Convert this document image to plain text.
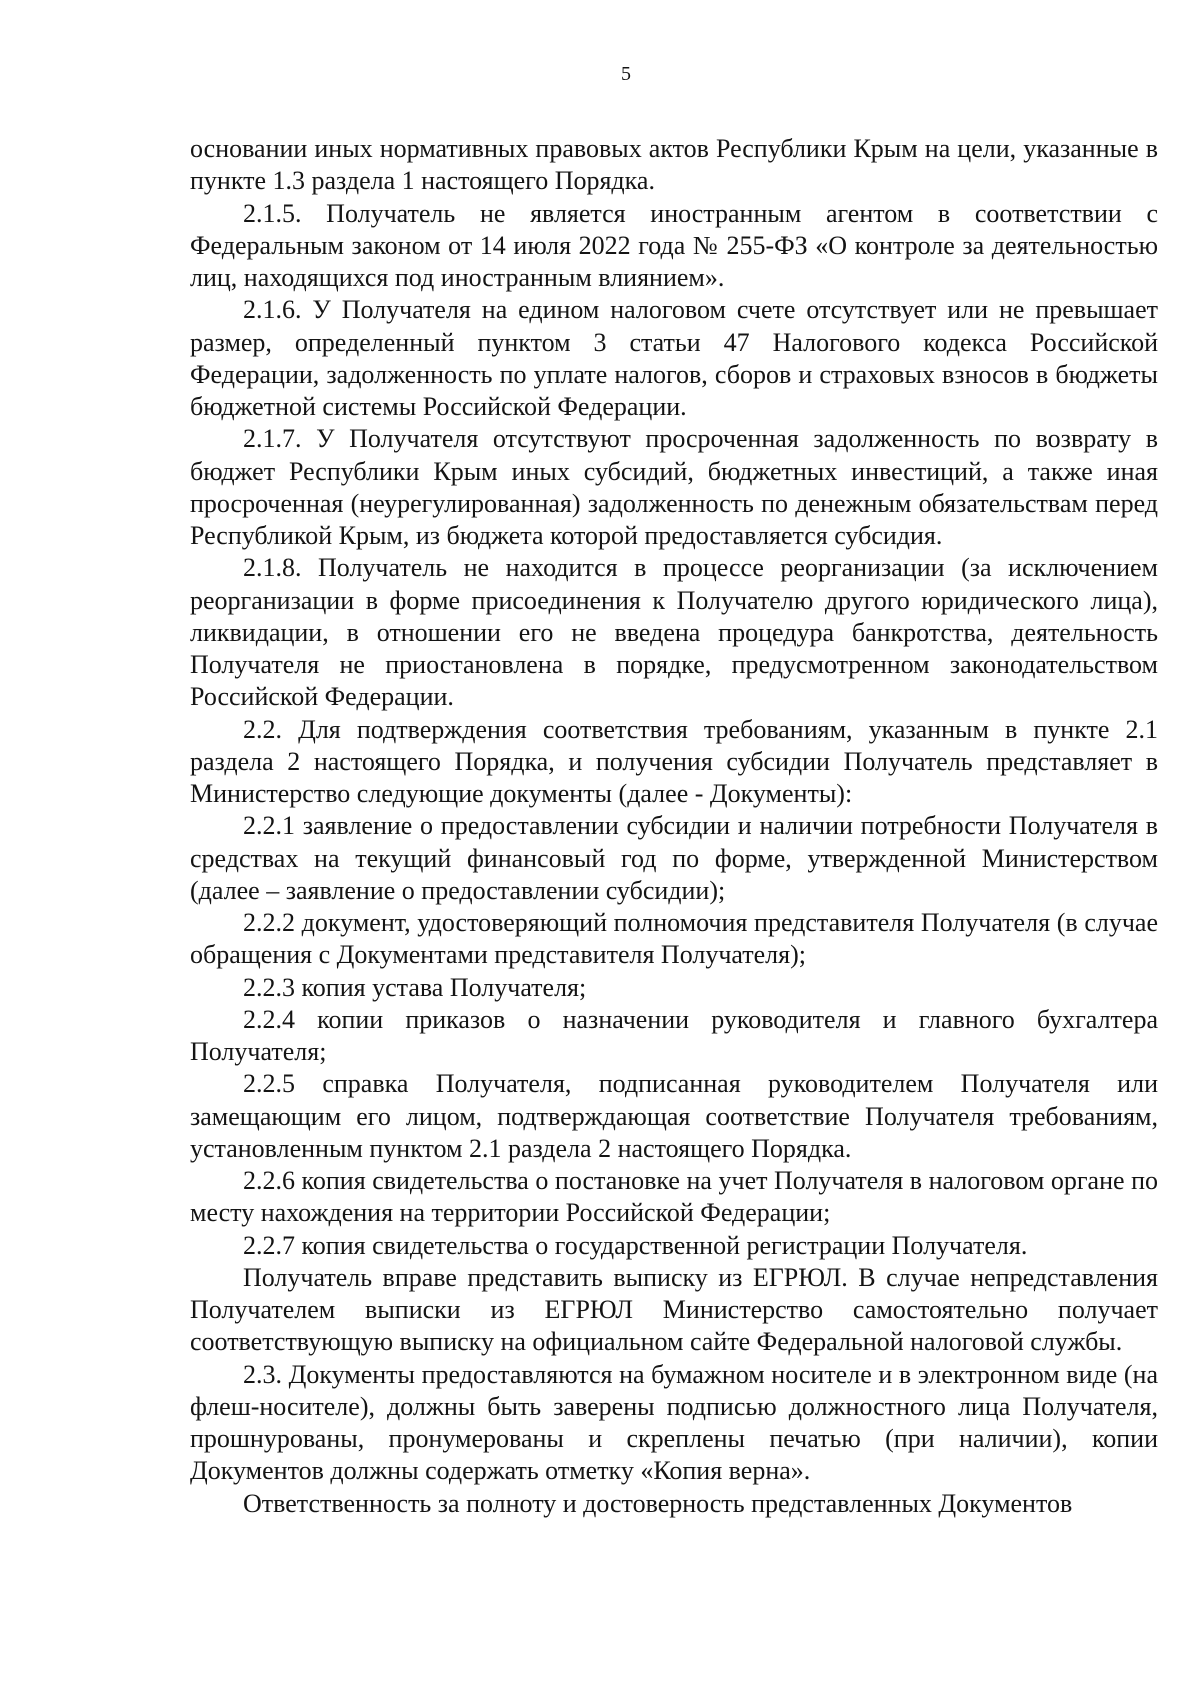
5

основании иных нормативных правовых актов Республики Крым на цели, указанные в пункте 1.3 раздела 1 настоящего Порядка.

2.1.5. Получатель не является иностранным агентом в соответствии с Федеральным законом от 14 июля 2022 года № 255-ФЗ «О контроле за деятельностью лиц, находящихся под иностранным влиянием».

2.1.6. У Получателя на едином налоговом счете отсутствует или не превышает размер, определенный пунктом 3 статьи 47 Налогового кодекса Российской Федерации, задолженность по уплате налогов, сборов и страховых взносов в бюджеты бюджетной системы Российской Федерации.

2.1.7. У Получателя отсутствуют просроченная задолженность по возврату в бюджет Республики Крым иных субсидий, бюджетных инвестиций, а также иная просроченная (неурегулированная) задолженность по денежным обязательствам перед Республикой Крым, из бюджета которой предоставляется субсидия.

2.1.8. Получатель не находится в процессе реорганизации (за исключением реорганизации в форме присоединения к Получателю другого юридического лица), ликвидации, в отношении его не введена процедура банкротства, деятельность Получателя не приостановлена в порядке, предусмотренном законодательством Российской Федерации.

2.2. Для подтверждения соответствия требованиям, указанным в пункте 2.1 раздела 2 настоящего Порядка, и получения субсидии Получатель представляет в Министерство следующие документы (далее - Документы):

2.2.1 заявление о предоставлении субсидии и наличии потребности Получателя в средствах на текущий финансовый год по форме, утвержденной Министерством (далее – заявление о предоставлении субсидии);

2.2.2 документ, удостоверяющий полномочия представителя Получателя (в случае обращения с Документами представителя Получателя);

2.2.3 копия устава Получателя;

2.2.4 копии приказов о назначении руководителя и главного бухгалтера Получателя;

2.2.5 справка Получателя, подписанная руководителем Получателя или замещающим его лицом, подтверждающая соответствие Получателя требованиям, установленным пунктом 2.1 раздела 2 настоящего Порядка.

2.2.6 копия свидетельства о постановке на учет Получателя в налоговом органе по месту нахождения на территории Российской Федерации;

2.2.7 копия свидетельства о государственной регистрации Получателя.

Получатель вправе представить выписку из ЕГРЮЛ. В случае непредставления Получателем выписки из ЕГРЮЛ Министерство самостоятельно получает соответствующую выписку на официальном сайте Федеральной налоговой службы.

2.3. Документы предоставляются на бумажном носителе и в электронном виде (на флеш-носителе), должны быть заверены подписью должностного лица Получателя, прошнурованы, пронумерованы и скреплены печатью (при наличии), копии Документов должны содержать отметку «Копия верна».

Ответственность за полноту и достоверность представленных Документов
